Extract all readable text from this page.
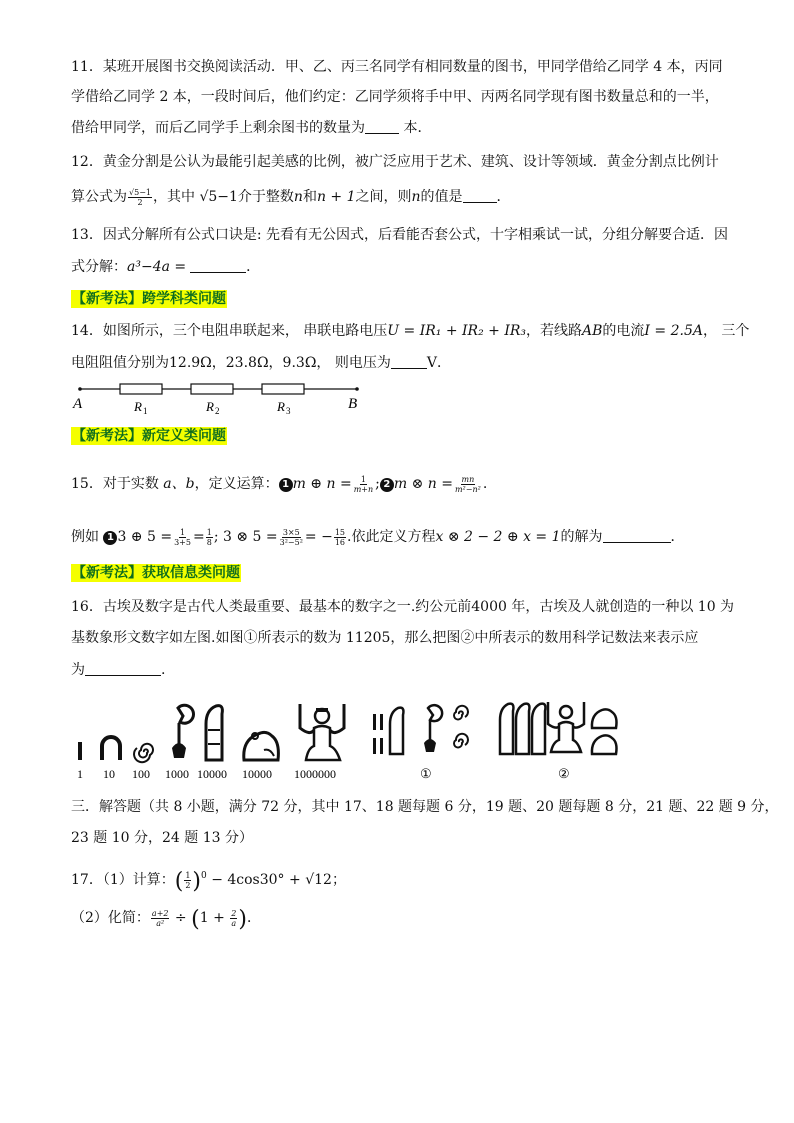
11．某班开展图书交换阅读活动．甲、乙、丙三名同学有相同数量的图书，甲同学借给乙同学 4 本，丙同
学借给乙同学 2 本，一段时间后，他们约定：乙同学须将手中甲、丙两名同学现有图书数量总和的一半，
借给甲同学，而后乙同学手上剩余图书的数量为 本．
12．黄金分割是公认为最能引起美感的比例，被广泛应用于艺术、建筑、设计等领域．黄金分割点比例计
算公式为 $\frac{√5-1}{2}$ ，其中 √5−1介于整数n和n + 1之间，则n的值是 ．
13．因式分解所有公式口诀是: 先看有无公因式，后看能否套公式，十字相乘试一试，分组分解要合适．因
式分解：a³−4a =	．
【新考法】跨学科类问题
14．如图所示，三个电阻串联起来， 串联电路电压U = IR₁ + IR₂ + IR₃，若线路AB的电流I = 2.5A， 三个
电阻阻值分别为12.9Ω，23.8Ω，9.3Ω， 则电压为	V．
A	B
R 1	R 2	R 3
【新考法】新定义类问题
15．对于实数 a、b，定义运算： 1 m ⊕ $n = \frac{1}{m+n}$ ; 2 m ⊗ $n = \frac{mn}{\text{m²−n²}}$ .
例如 1 3 ⊕ $5 = \frac{1}{3+5} = \frac{1}{8}$ ; 3 ⊗ $5 = \frac{3\times 5}{\text{3²−5²}}$ = − $\frac{15}{16}$ .依此定义方程x ⊗ 2 − 2 ⊕ x = 1的解为	．
【新考法】获取信息类问题
16．古埃及数字是古代人类最重要、最基本的数字之一.约公元前4000 年，古埃及人就创造的一种以 10 为
基数象形文数字如左图.如图①所表示的数为 11205，那么把图②中所表示的数用科学记数法来表示应
为	.
1 10 100 1000 10000 10000 1000000	①	②
三．解答题（共 8 小题，满分 72 分，其中 17、18 题每题 6 分，19 题、20 题每题 8 分，21 题、22 题 9 分，
23 题 10 分，24 题 13 分）
17．（1）计算：( $\frac{1}{2} )^0 - 4\cos 30^\circ + √12$；
（2）化简： $\frac{a+2}{\text{a²}} \div (1 + \frac{2}{a}$ )．
